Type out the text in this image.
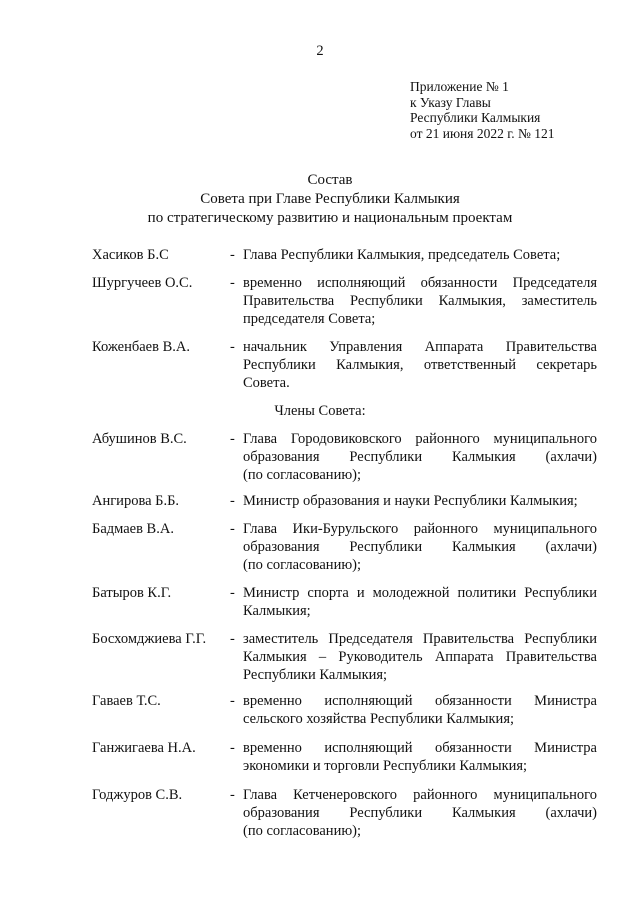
2
Приложение № 1
к Указу Главы
Республики Калмыкия
от 21 июня 2022 г. № 121
Состав
Совета при Главе Республики Калмыкия
по стратегическому развитию и национальным проектам
Хасиков Б.С	- Глава Республики Калмыкия, председатель Совета;
Шургучеев О.С.	- временно исполняющий обязанности Председателя
Правительства Республики Калмыкия, заместитель
председателя Совета;
Коженбаев В.А.	- начальник Управления Аппарата Правительства
Республики Калмыкия, ответственный секретарь
Совета.
Члены Совета:
Абушинов В.С.	- Глава Городовиковского районного муниципального
образования Республики Калмыкия (ахлачи)
(по согласованию);
Ангирова Б.Б.	- Министр образования и науки Республики Калмыкия;
Бадмаев В.А.	- Глава Ики-Бурульского районного муниципального
образования Республики Калмыкия (ахлачи)
(по согласованию);
Батыров К.Г.	- Министр спорта и молодежной политики Республики
Калмыкия;
Босхомджиева Г.Г. - заместитель Председателя Правительства Республики
Калмыкия – Руководитель Аппарата Правительства
Республики Калмыкия;
Гаваев Т.С.	- временно исполняющий обязанности Министра
сельского хозяйства Республики Калмыкия;
Ганжигаева Н.А. - временно исполняющий обязанности Министра
экономики и торговли Республики Калмыкия;
Годжуров С.В.	- Глава Кетченеровского районного муниципального
образования Республики Калмыкия (ахлачи)
(по согласованию);
